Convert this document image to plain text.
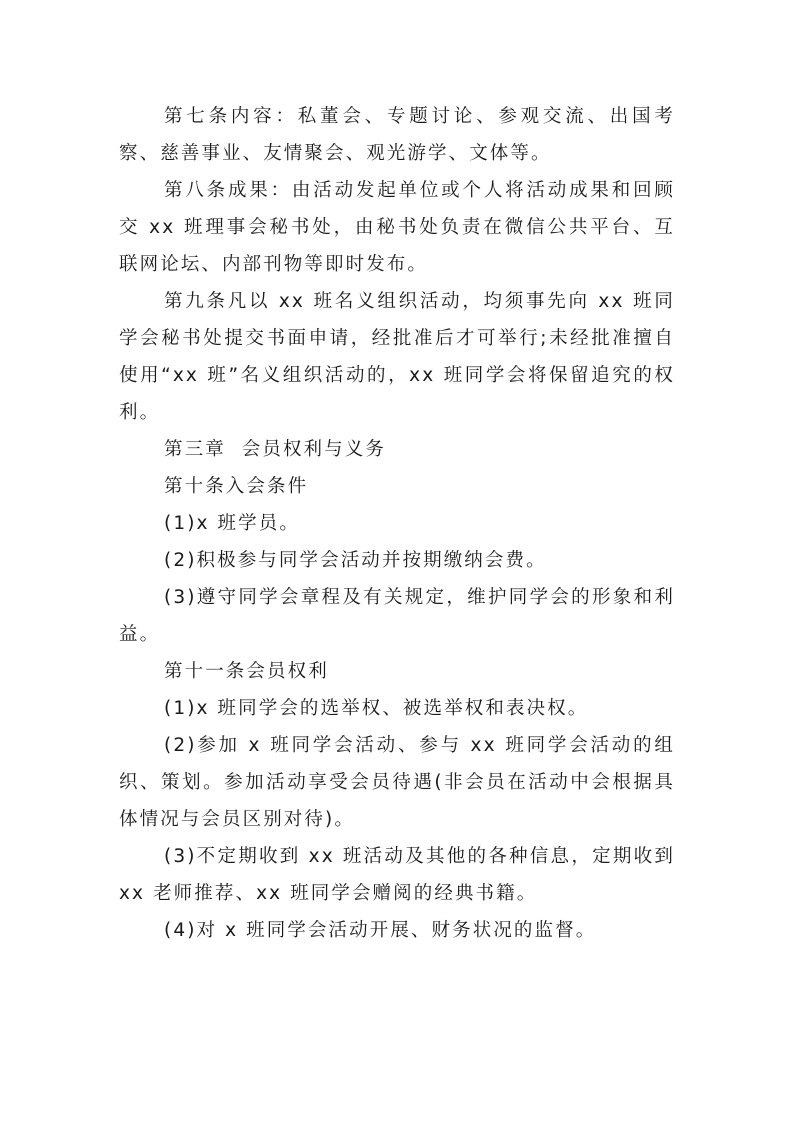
第七条内容：私董会、专题讨论、参观交流、出国考察、慈善事业、友情聚会、观光游学、文体等。

第八条成果：由活动发起单位或个人将活动成果和回顾交 xx 班理事会秘书处，由秘书处负责在微信公共平台、互联网论坛、内部刊物等即时发布。

第九条凡以 xx 班名义组织活动，均须事先向 xx 班同学会秘书处提交书面申请，经批准后才可举行;未经批准擅自使用“xx 班”名义组织活动的，xx 班同学会将保留追究的权利。

第三章  会员权利与义务

第十条入会条件

(1)x 班学员。

(2)积极参与同学会活动并按期缴纳会费。

(3)遵守同学会章程及有关规定，维护同学会的形象和利益。

第十一条会员权利

(1)x 班同学会的选举权、被选举权和表决权。

(2)参加 x 班同学会活动、参与 xx 班同学会活动的组织、策划。参加活动享受会员待遇(非会员在活动中会根据具体情况与会员区别对待)。

(3)不定期收到 xx 班活动及其他的各种信息，定期收到 xx 老师推荐、xx 班同学会赠阅的经典书籍。

(4)对 x 班同学会活动开展、财务状况的监督。
